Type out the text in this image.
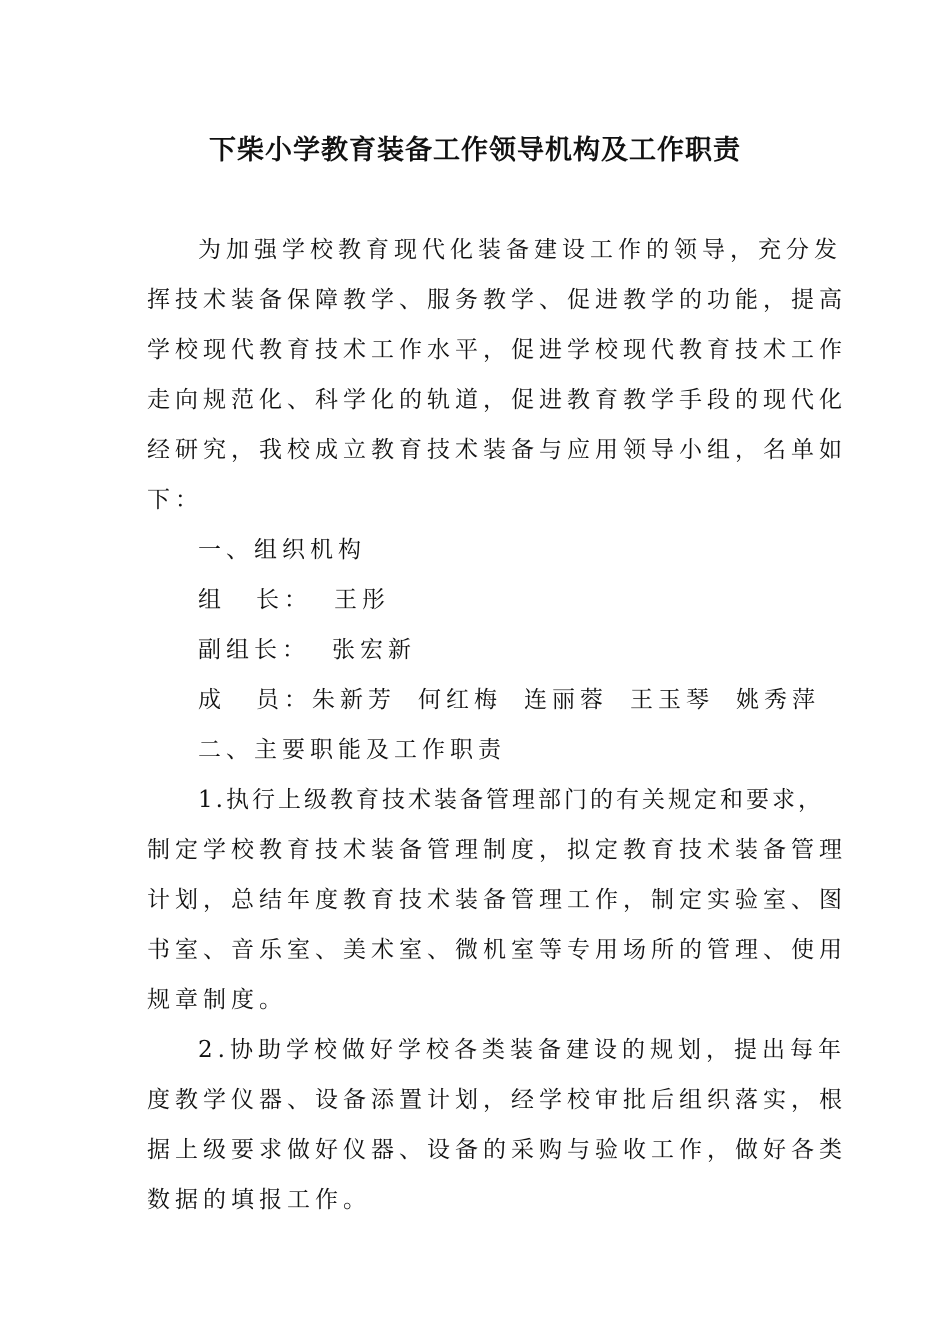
下柴小学教育装备工作领导机构及工作职责

为加强学校教育现代化装备建设工作的领导，充分发

挥技术装备保障教学、服务教学、促进教学的功能，提高

学校现代教育技术工作水平，促进学校现代教育技术工作

走向规范化、科学化的轨道，促进教育教学手段的现代化

经研究，我校成立教育技术装备与应用领导小组，名单如

下：

一、组织机构

组 长： 王彤

副组长： 张宏新

成 员：朱新芳 何红梅 连丽蓉 王玉琴 姚秀萍

二、主要职能及工作职责

1.执行上级教育技术装备管理部门的有关规定和要求，

制定学校教育技术装备管理制度，拟定教育技术装备管理

计划，总结年度教育技术装备管理工作，制定实验室、图

书室、音乐室、美术室、微机室等专用场所的管理、使用

规章制度。

2.协助学校做好学校各类装备建设的规划，提出每年

度教学仪器、设备添置计划，经学校审批后组织落实，根

据上级要求做好仪器、设备的采购与验收工作，做好各类

数据的填报工作。
